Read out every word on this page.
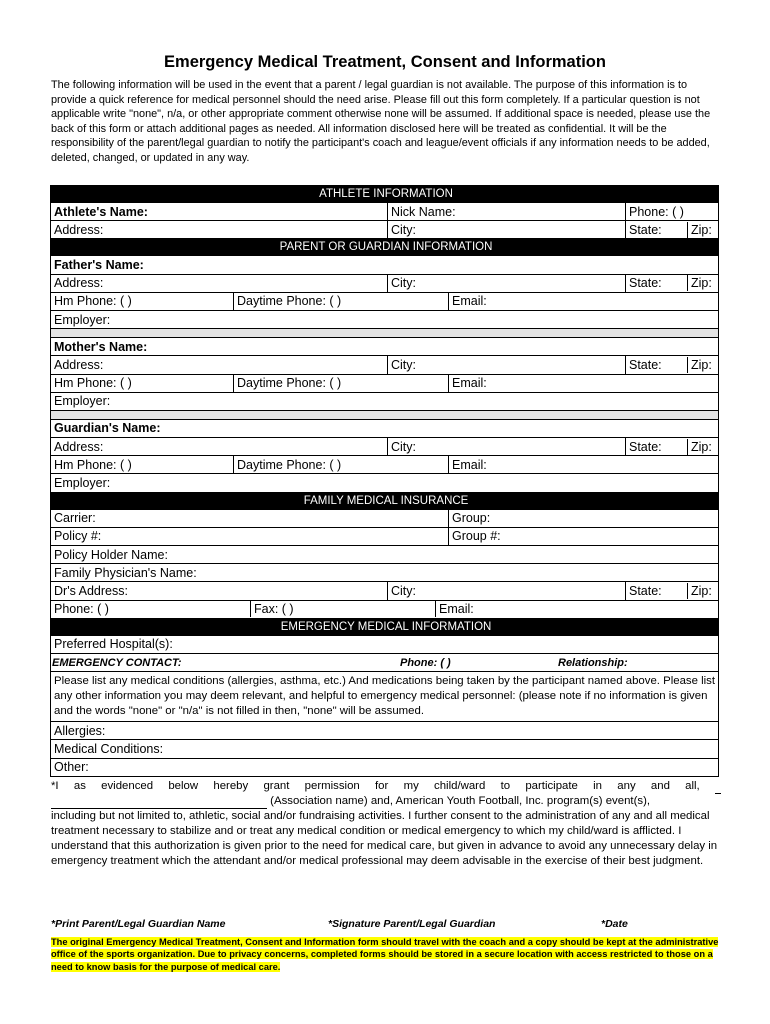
Emergency Medical Treatment, Consent and Information
The following information will be used in the event that a parent / legal guardian is not available. The purpose of this information is to provide a quick reference for medical personnel should the need arise. Please fill out this form completely. If a particular question is not applicable write "none", n/a, or other appropriate comment otherwise none will be assumed. If additional space is needed, please use the back of this form or attach additional pages as needed. All information disclosed here will be treated as confidential. It will be the responsibility of the parent/legal guardian to notify the participant's coach and league/event officials if any information needs to be added, deleted, changed, or updated in any way.
ATHLETE INFORMATION				
Athlete's Name:		Nick Name:		Phone: ( )
Address:		City:		State: Zip:
PARENT OR GUARDIAN INFORMATION				
Father's Name:				
Address:		City:		State: Zip:
Hm Phone: ( )	Daytime Phone: ( )		Email:	
Employer:				

Mother's Name:				
Address:		City:		State: Zip:
Hm Phone: ( )	Daytime Phone: ( )		Email:	
Employer:				

Guardian's Name:				
Address:		City:		State: Zip:
Hm Phone: ( )	Daytime Phone: ( )		Email:	
Employer:				
FAMILY MEDICAL INSURANCE				
Carrier:			Group:	
Policy #:			Group #:	
Policy Holder Name:				
Family Physician's Name:				
Dr's Address:		City:		State: Zip:
Phone: ( ) Fax: ( ) Email:				
EMERGENCY MEDICAL INFORMATION				
Preferred Hospital(s):				
EMERGENCY CONTACT: Phone: ( ) Relationship:				
Please list any medical conditions (allergies, asthma, etc.) And medications being taken by the participant named above. Please list any other information you may deem relevant, and helpful to emergency medical personnel: (please note if no information is given and the words "none" or "n/a" is not filled in then, "none" will be assumed.				
Allergies:				
Medical Conditions:				
Other:				
*I as evidenced below hereby grant permission for my child/ward to participate in any and all,
(Association name) and, American Youth Football, Inc. program(s) event(s),
including but not limited to, athletic, social and/or fundraising activities. I further consent to the administration of any and all medical treatment necessary to stabilize and or treat any medical condition or medical emergency to which my child/ward is afflicted. I understand that this authorization is given prior to the need for medical care, but given in advance to avoid any unnecessary delay in emergency treatment which the attendant and/or medical professional may deem advisable in the exercise of their best judgment.
*Print Parent/Legal Guardian Name	*Signature Parent/Legal Guardian	*Date
The original Emergency Medical Treatment, Consent and Information form should travel with the coach and a copy should be kept at the administrative office of the sports organization. Due to privacy concerns, completed forms should be stored in a secure location with access restricted to those on a need to know basis for the purpose of medical care.
